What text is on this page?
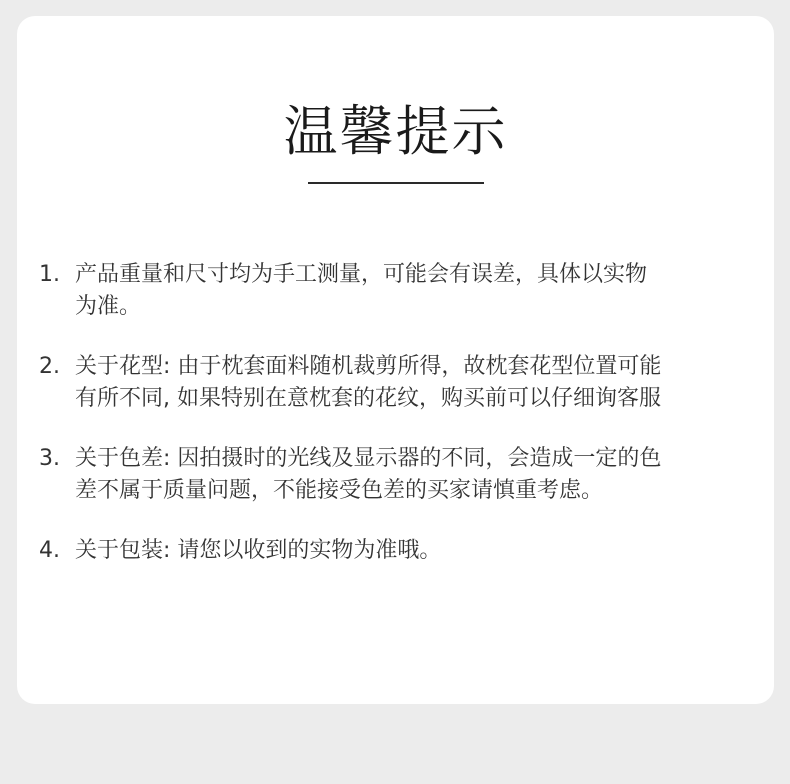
温馨提示
1. 产品重量和尺寸均为手工测量，可能会有误差，具体以实物
为准。
2. 关于花型: 由于枕套面料随机裁剪所得，故枕套花型位置可能
有所不同, 如果特别在意枕套的花纹，购买前可以仔细询客服
3. 关于色差: 因拍摄时的光线及显示器的不同，会造成一定的色
差不属于质量问题，不能接受色差的买家请慎重考虑。
4. 关于包装: 请您以收到的实物为准哦。
